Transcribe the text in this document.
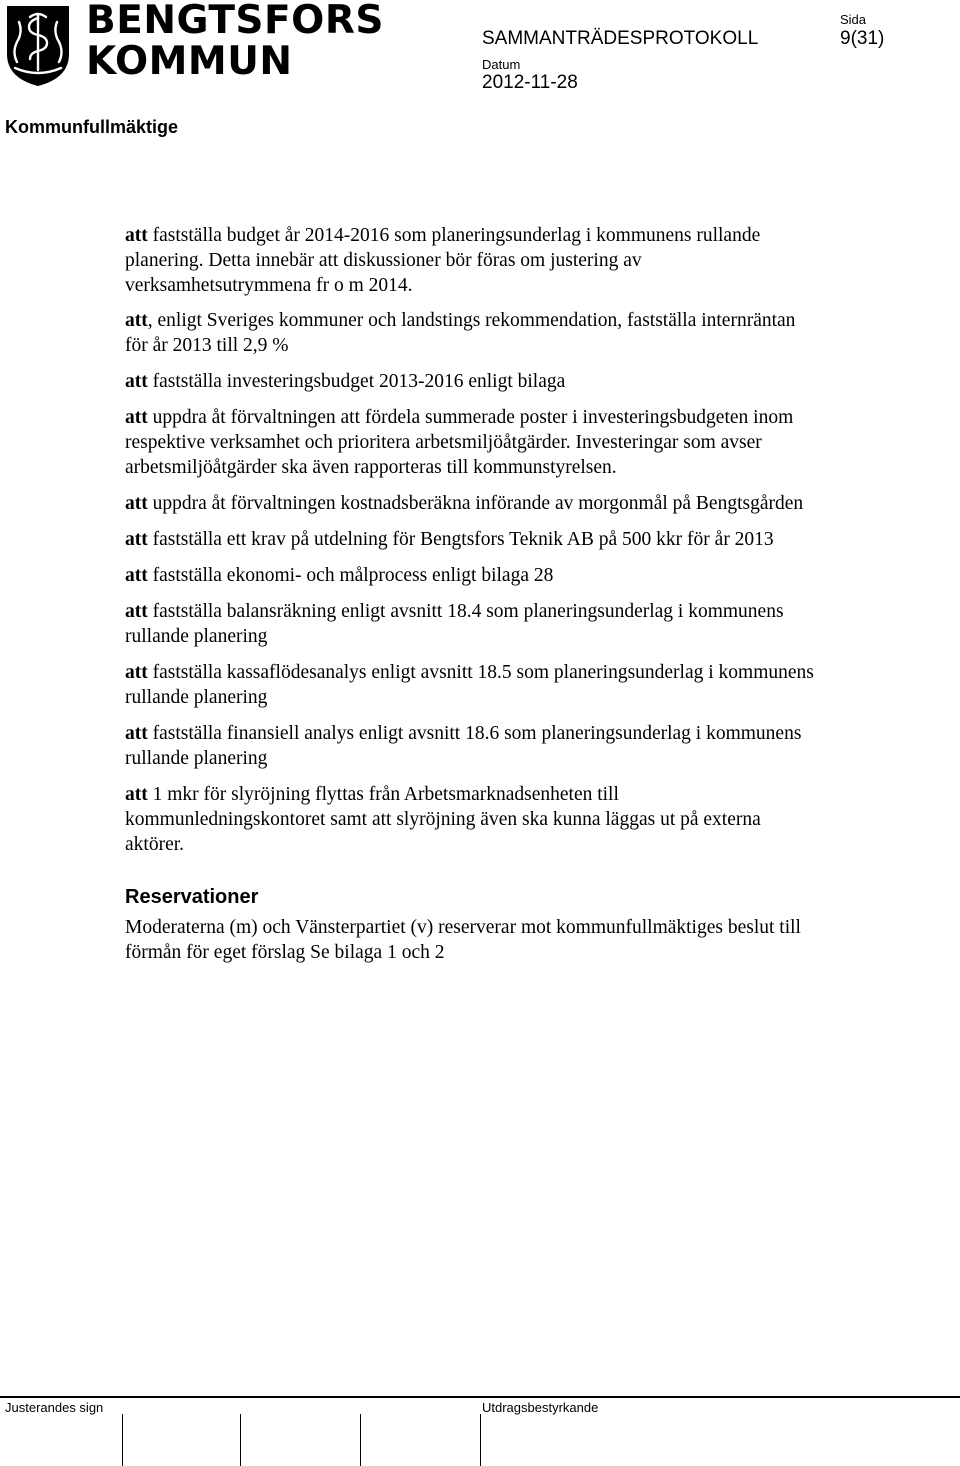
BENGTSFORS
KOMMUN
SAMMANTRÄDESPROTOKOLL
Sida
9(31)
Datum
2012-11-28
Kommunfullmäktige
att fastställa budget år 2014-2016 som planeringsunderlag i kommunens rullande planering. Detta innebär att diskussioner bör föras om justering av verksamhetsutrymmena fr o m 2014.
att, enligt Sveriges kommuner och landstings rekommendation, fastställa internräntan för år 2013 till 2,9 %
att fastställa investeringsbudget 2013-2016 enligt bilaga
att uppdra åt förvaltningen att fördela summerade poster i investeringsbudgeten inom respektive verksamhet och prioritera arbetsmiljöåtgärder. Investeringar som avser arbetsmiljöåtgärder ska även rapporteras till kommunstyrelsen.
att uppdra åt förvaltningen kostnadsberäkna införande av morgonmål på Bengtsgården
att fastställa ett krav på utdelning för Bengtsfors Teknik AB på 500 kkr för år 2013
att fastställa ekonomi- och målprocess enligt bilaga 28
att fastställa balansräkning enligt avsnitt 18.4 som planeringsunderlag i kommunens rullande planering
att fastställa kassaflödesanalys enligt avsnitt 18.5 som planeringsunderlag i kommunens rullande planering
att fastställa finansiell analys enligt avsnitt 18.6 som planeringsunderlag i kommunens rullande planering
att 1 mkr för slyröjning flyttas från Arbetsmarknadsenheten till kommunledningskontoret samt att slyröjning även ska kunna läggas ut på externa aktörer.
Reservationer
Moderaterna (m) och Vänsterpartiet (v) reserverar mot kommunfullmäktiges beslut till förmån för eget förslag Se bilaga 1 och 2
Justerandes sign	Utdragsbestyrkande
